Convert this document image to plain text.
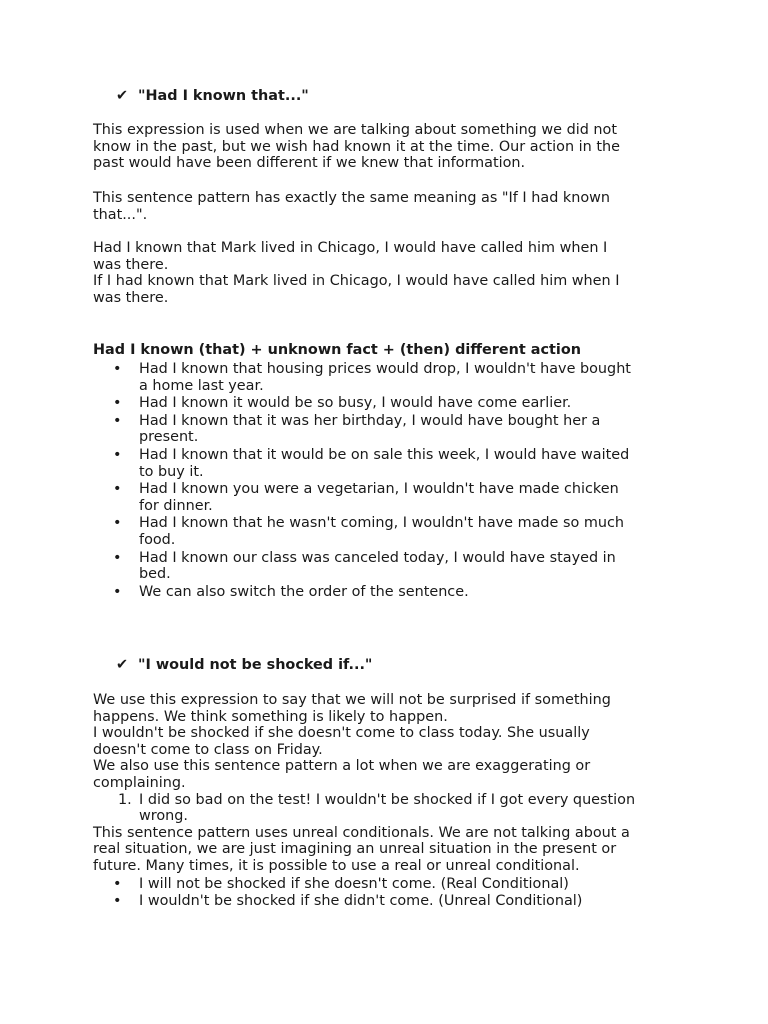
✔ "Had I known that..."

This expression is used when we are talking about something we did not

know in the past, but we wish had known it at the time. Our action in the

past would have been different if we knew that information.

This sentence pattern has exactly the same meaning as "If I had known

that...".

Had I known that Mark lived in Chicago, I would have called him when I

was there.

If I had known that Mark lived in Chicago, I would have called him when I

was there.

Had I known (that) + unknown fact + (then) different action

• Had I known that housing prices would drop, I wouldn't have bought

a home last year.

• Had I known it would be so busy, I would have come earlier.

• Had I known that it was her birthday, I would have bought her a

present.

• Had I known that it would be on sale this week, I would have waited

to buy it.

• Had I known you were a vegetarian, I wouldn't have made chicken

for dinner.

• Had I known that he wasn't coming, I wouldn't have made so much

food.

• Had I known our class was canceled today, I would have stayed in

bed.

• We can also switch the order of the sentence.

✔ "I would not be shocked if..."

We use this expression to say that we will not be surprised if something

happens. We think something is likely to happen.

I wouldn't be shocked if she doesn't come to class today. She usually

doesn't come to class on Friday.

We also use this sentence pattern a lot when we are exaggerating or

complaining.

1. I did so bad on the test! I wouldn't be shocked if I got every question

wrong.

This sentence pattern uses unreal conditionals. We are not talking about a

real situation, we are just imagining an unreal situation in the present or

future. Many times, it is possible to use a real or unreal conditional.

• I will not be shocked if she doesn't come. (Real Conditional)

• I wouldn't be shocked if she didn't come. (Unreal Conditional)
